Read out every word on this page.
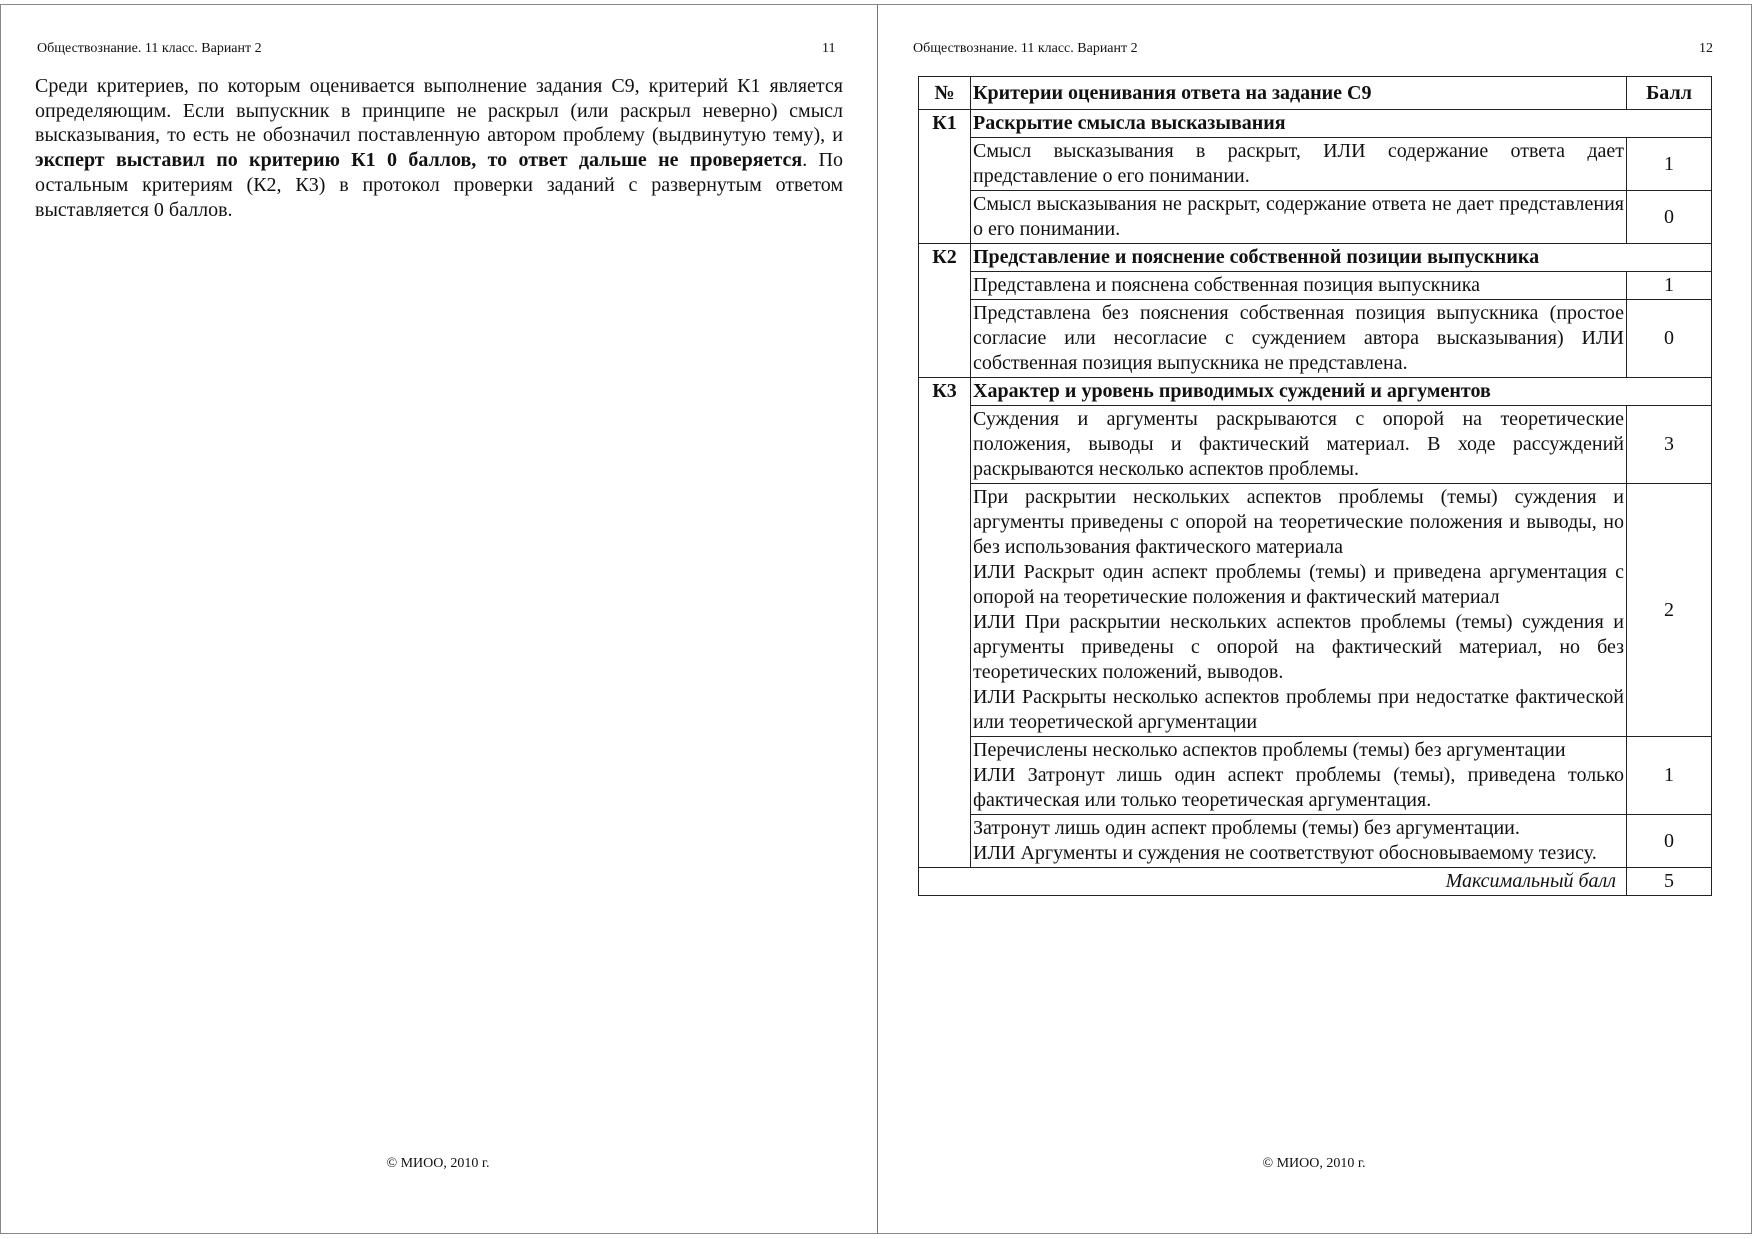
Обществознание. 11 класс. Вариант 2	11
Среди критериев, по которым оценивается выполнение задания С9, критерий К1 является определяющим. Если выпускник в принципе не раскрыл (или раскрыл неверно) смысл высказывания, то есть не обозначил поставленную автором проблему (выдвинутую тему), и эксперт выставил по критерию К1 0 баллов, то ответ дальше не проверяется. По остальным критериям (К2, К3) в протокол проверки заданий с развернутым ответом выставляется 0 баллов.
© МИОО, 2010 г.
Обществознание. 11 класс. Вариант 2	12
№	Критерии оценивания ответа на задание С9	Балл
К1	Раскрытие смысла высказывания	

	Смысл высказывания в раскрыт, ИЛИ содержание ответа дает представление о его понимании.	1

	Смысл высказывания не раскрыт, содержание ответа не дает представления о его понимании.	0
К2	Представление и пояснение собственной позиции выпускника	

	Представлена и пояснена собственная позиция выпускника	1

	Представлена без пояснения собственная позиция выпускника (простое согласие или несогласие с суждением автора высказывания) ИЛИ собственная позиция выпускника не представлена.	0
К3	Характер и уровень приводимых суждений и аргументов	

	Суждения и аргументы раскрываются с опорой на теоретические положения, выводы и фактический материал. В ходе рассуждений раскрываются несколько аспектов проблемы.	3

	При раскрытии нескольких аспектов проблемы (темы) суждения и аргументы приведены с опорой на теоретические положения и выводы, но без использования фактического материала
ИЛИ Раскрыт один аспект проблемы (темы) и приведена аргументация с опорой на теоретические положения и фактический материал
ИЛИ При раскрытии нескольких аспектов проблемы (темы) суждения и аргументы приведены с опорой на фактический материал, но без теоретических положений, выводов.
ИЛИ Раскрыты несколько аспектов проблемы при недостатке фактической или теоретической аргументации	2

	Перечислены несколько аспектов проблемы (темы) без аргументации
ИЛИ Затронут лишь один аспект проблемы (темы), приведена только фактическая или только теоретическая аргументация.	1

	Затронут лишь один аспект проблемы (темы) без аргументации.
ИЛИ Аргументы и суждения не соответствуют обосновываемому тезису.	0
Максимальный балл		5
© МИОО, 2010 г.
